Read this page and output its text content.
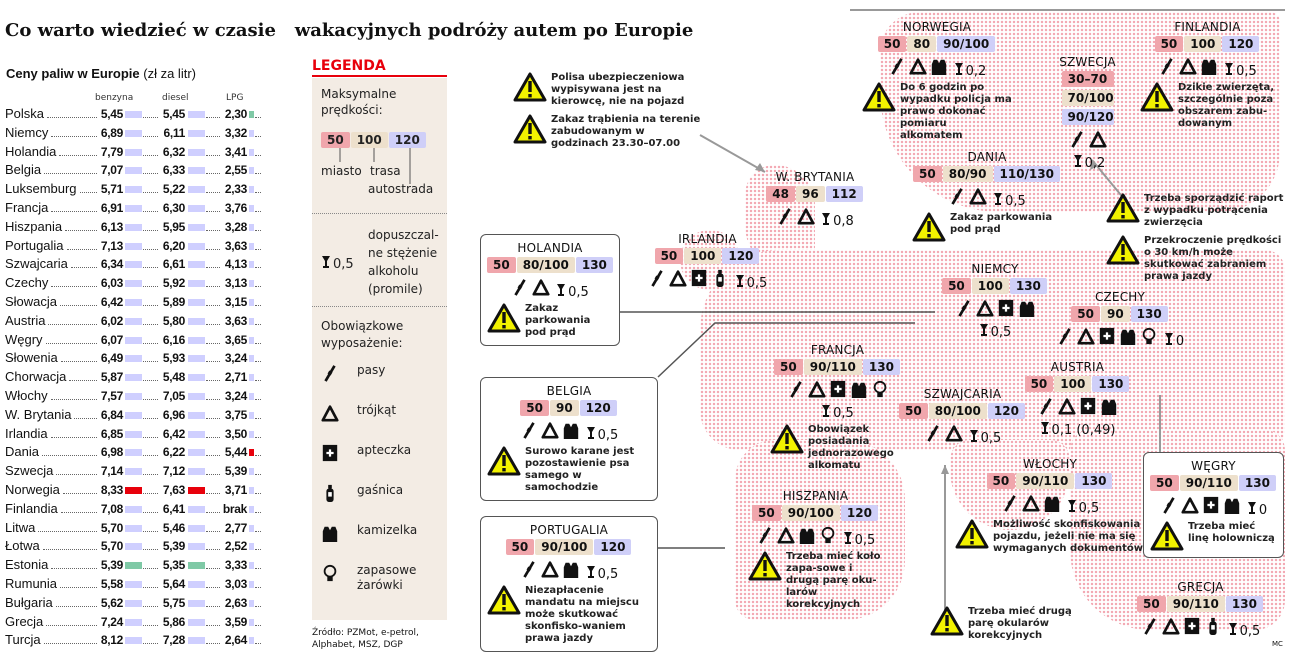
Co warto wiedzieć w czasie   wakacyjnych podróży autem po Europie
Ceny paliw w Europie (zł za litr)
benzyna	diesel	LPG
Polska	5,45	5,45	2,30
Niemcy	6,89	6,11	3,32
Holandia	7,79	6,32	3,41
Belgia	7,07	6,33	2,55
Luksemburg	5,71	5,22	2,33
Francja	6,91	6,30	3,76
Hiszpania	6,13	5,95	3,28
Portugalia	7,13	6,20	3,63
Szwajcaria	6,34	6,61	4,13
Czechy	6,03	5,92	3,13
Słowacja	6,42	5,89	3,15
Austria	6,02	5,80	3,63
Węgry	6,07	6,16	3,65
Słowenia	6,49	5,93	3,24
Chorwacja	5,87	5,48	2,71
Włochy	7,57	7,05	3,24
W. Brytania	6,84	6,96	3,75
Irlandia	6,85	6,42	3,50
Dania	6,98	6,22	5,44
Szwecja	7,14	7,12	5,39
Norwegia	8,33	7,63	3,71
Finlandia	7,08	6,41	brak
Litwa	5,70	5,46	2,77
Łotwa	5,70	5,39	2,52
Estonia	5,39	5,35	3,33
Rumunia	5,58	5,64	3,03
Bułgaria	5,62	5,75	2,63
Grecja	7,24	5,86	3,59
Turcja	8,12	7,28	2,64
LEGENDA
Maksymalne prędkości:
50 100 120
miasto trasa
autostrada
0,5
dopuszczal-ne stężenie alkoholu (promile)
Obowiązkowe wyposażenie:
pasy
trójkąt
apteczka
gaśnica
kamizelka
zapasowe żarówki
Źródło: PZMot, e-petrol, Alphabet, MSZ, DGP
NORWEGIA
50 80 90/100
0,2
Do 6 godzin po wypadku policja ma prawo dokonać pomiaru alkomatem
SZWECJA
30–70
70/100
90/120
0,2
FINLANDIA
50 100 120
0,5
Dzikie zwierzęta, szczególnie poza obszarem zabu-dowanym
W. BRYTANIA
48 96 112
0,8
DANIA
50 80/90 110/130
0,5
Zakaz parkowania pod prąd
IRLANDIA
50 100 120
0,5
HOLANDIA
50 80/100 130
0,5
Zakaz parkowania pod prąd
NIEMCY
50 100 130
0,5
CZECHY
50 90 130
0
BELGIA
50 90 120
0,5
Surowo karane jest pozostawienie psa samego w samochodzie
FRANCJA
50 90/110 130
0,5
Obowiązek posiadania jednorazowego alkomatu
AUSTRIA
50 100 130
0,1 (0,49)
SZWAJCARIA
50 80/100 120
0,5
PORTUGALIA
50 90/100 120
0,5
Niezapłacenie mandatu na miejscu może skutkować skonfisko-waniem prawa jazdy
HISZPANIA
50 90/100 120
0,5
Trzeba mieć koło zapa-sowe i drugą parę oku-larów korekcyjnych
WŁOCHY
50 90/110 130
0,5
Możliwość skonfiskowania pojazdu, jeżeli nie ma się wymaganych dokumentów
WĘGRY
50 90/110 130
0
Trzeba mieć linę holowniczą
GRECJA
50 90/110 130
0,5
Polisa ubezpieczeniowa wypisywana jest na kierowcę, nie na pojazd
Zakaz trąbienia na terenie zabudowanym w godzinach 23.30–07.00
Trzeba sporządzić raport z wypadku potrącenia zwierzęcia
Przekroczenie prędkości o 30 km/h może skutkować zabraniem prawa jazdy
Trzeba mieć drugą parę okularów korekcyjnych
MC
